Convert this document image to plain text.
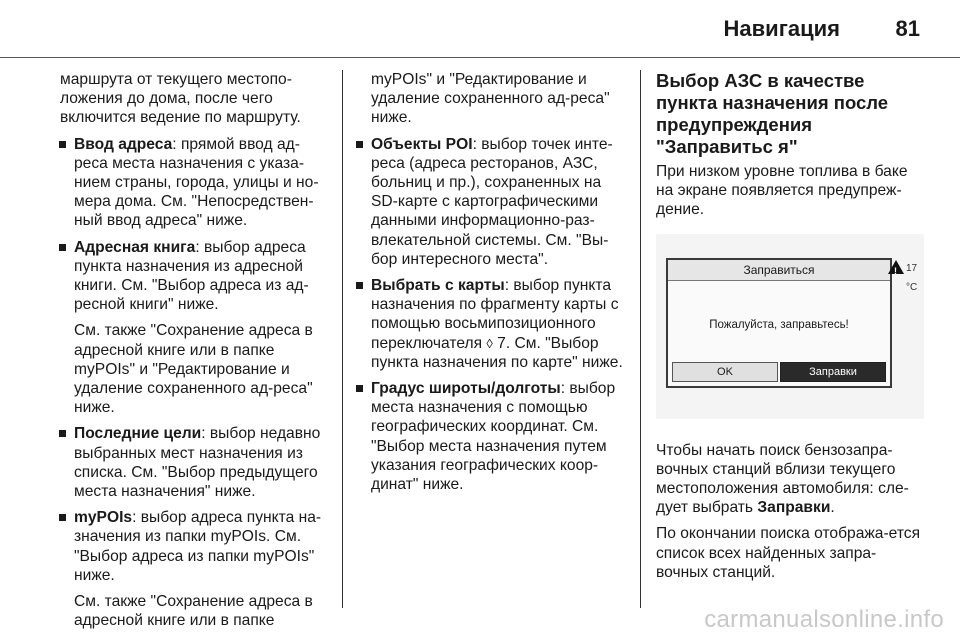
Навигация	81

маршрута от текущего местопо-ложения до дома, после чего включится ведение по маршруту.

Ввод адреса: прямой ввод ад-реса места назначения с указа-нием страны, города, улицы и но-мера дома. См. "Непосредствен-ный ввод адреса" ниже.
Адресная книга: выбор адреса пункта назначения из адресной книги. См. "Выбор адреса из ад-ресной книги" ниже.

См. также "Сохранение адреса в адресной книге или в папке myPOIs" и "Редактирование и удаление сохраненного ад-реса" ниже.

Последние цели: выбор недавно выбранных мест назначения из списка. См. "Выбор предыдущего места назначения" ниже.
myPOIs: выбор адреса пункта на-значения из папки myPOIs. См. "Выбор адреса из папки myPOIs" ниже.

См. также "Сохранение адреса в адресной книге или в папке

myPOIs" и "Редактирование и удаление сохраненного ад-реса" ниже.

Объекты POI: выбор точек инте-реса (адреса ресторанов, АЗС, больниц и пр.), сохраненных на SD-карте с картографическими данными информационно-раз-влекательной системы. См. "Вы-бор интересного места".
Выбрать с карты: выбор пункта назначения по фрагменту карты с помощью восьмипозиционного переключателя ◊ 7. См. "Выбор пункта назначения по карте" ниже.
Градус широты/долготы: выбор места назначения с помощью географических координат. См. "Выбор места назначения путем указания географических коор-динат" ниже.
Выбор АЗС в качестве пункта назначения после предупреждения "Заправитьс я"

При низком уровне топлива в баке на экране появляется предупреж-дение.

Заправиться
Пожалуйста, заправьтесь!
OK	Заправки
!
17 °C

Чтобы начать поиск бензозапра-вочных станций вблизи текущего местоположения автомобиля: сле-дует выбрать Заправки.

По окончании поиска отобража-ется список всех найденных запра-вочных станций.

carmanualsonline.info
